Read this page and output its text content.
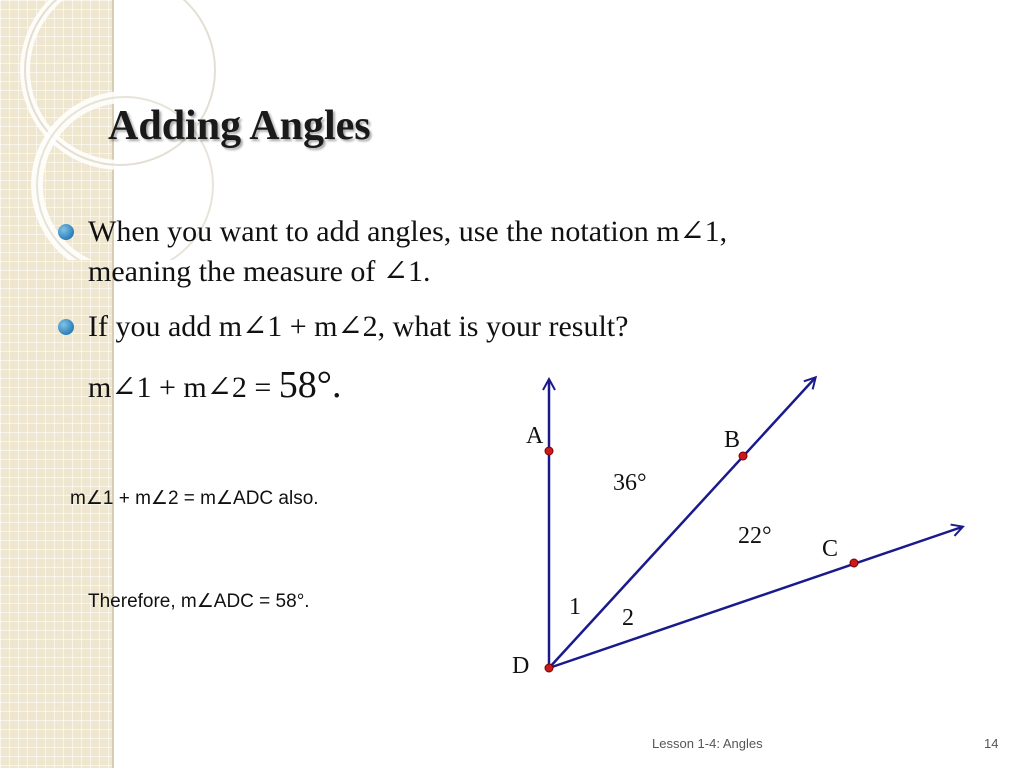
Adding Angles
When you want to add angles, use the notation m∠1,
meaning the measure of ∠1.
If you add m∠1 + m∠2, what is your result?
m∠1 + m∠2 = 58°.
m∠1 + m∠2 = m∠ADC also.
Therefore, m∠ADC = 58°.
A	B
C
D
36°
22°
1 2
Lesson 1-4: Angles	14
